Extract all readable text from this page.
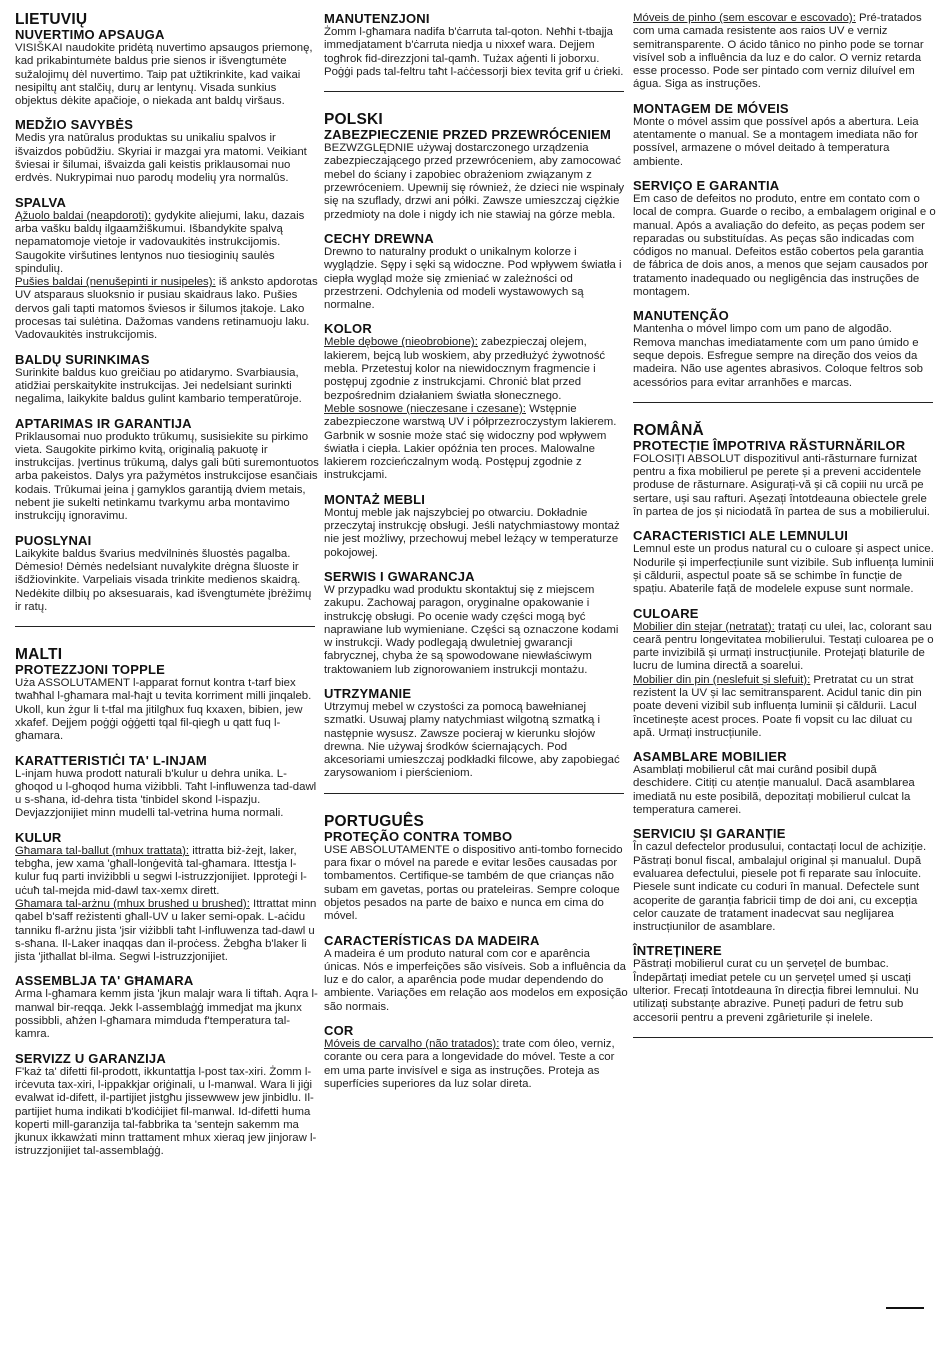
LIETUVIŲ
NUVERTIMO APSAUGA

VISIŠKAI naudokite pridėtą nuvertimo apsaugos priemonę, kad prikabintumėte baldus prie sienos ir išvengtumėte sužalojimų dėl nuvertimo. Taip pat užtikrinkite, kad vaikai nesipiltų ant stalčių, durų ar lentynų. Visada sunkius objektus dėkite apačioje, o niekada ant baldų viršaus.

MEDŽIO SAVYBĖS

Medis yra natūralus produktas su unikaliu spalvos ir išvaizdos pobūdžiu. Skyriai ir mazgai yra matomi. Veikiant šviesai ir šilumai, išvaizda gali keistis priklausomai nuo erdvės. Nukrypimai nuo parodų modelių yra normalūs.

SPALVA

Ąžuolo baldai (neapdoroti): gydykite aliejumi, laku, dazais arba vašku baldų ilgaamžiškumui. Išbandykite spalvą nepamatomoje vietoje ir vadovaukitės instrukcijomis. Saugokite viršutines lentynos nuo tiesioginių saulės spindulių.

Pušies baldai (nenušepinti ir nusipeles): iš anksto apdorotas UV atsparaus sluoksnio ir pusiau skaidraus lako. Pušies dervos gali tapti matomos šviesos ir šilumos įtakoje. Lako procesas tai sulėtina. Dažomas vandens retinamuoju laku. Vadovaukitės instrukcijomis.

BALDŲ SURINKIMAS

Surinkite baldus kuo greičiau po atidarymo. Svarbiausia, atidžiai perskaitykite instrukcijas. Jei nedelsiant surinkti negalima, laikykite baldus gulint kambario temperatūroje.

APTARIMAS IR GARANTIJA

Priklausomai nuo produkto trūkumų, susisiekite su pirkimo vieta. Saugokite pirkimo kvitą, originalią pakuotę ir instrukcijas. Įvertinus trūkumą, dalys gali būti suremontuotos arba pakeistos. Dalys yra pažymėtos instrukcijose esančiais kodais. Trūkumai įeina į gamyklos garantiją dviem metais, nebent jie sukelti netinkamu tvarkymu arba montavimo instrukcijų ignoravimu.

PUOSLYNAI

Laikykite baldus švarius medvilninės šluostės pagalba. Dėmesio! Dėmės nedelsiant nuvalykite drėgna šluoste ir išdžiovinkite. Varpeliais visada trinkite medienos skaidrą. Nedėkite dilbių po aksesuarais, kad išvengtumėte įbrėžimų ir ratų.

MALTI
PROTEZZJONI TOPPLE

Uża ASSOLUTAMENT l-apparat fornut kontra t-tarf biex twaħħal l-għamara mal-ħajt u tevita korriment milli jinqaleb. Ukoll, kun żgur li t-tfal ma jitilgħux fuq kxaxen, bibien, jew xkafef. Dejjem poġġi oġġetti tqal fil-qiegħ u qatt fuq l-għamara.

KARATTERISTIĊI TA' L-INJAM

L-injam huwa prodott naturali b'kulur u dehra unika. L-għoqod u l-għoqod huma viżibbli. Taħt l-influwenza tad-dawl u s-sħana, id-dehra tista 'tinbidel skond l-ispazju. Devjazzjonijiet minn mudelli tal-vetrina huma normali.

KULUR

Għamara tal-ballut (mhux trattata): ittratta biż-żejt, laker, tebgħa, jew xama 'għall-lonġevità tal-għamara. Ittestja l-kulur fuq parti inviżibbli u segwi l-istruzzjonijiet. Ipproteġi l-uċuħ tal-mejda mid-dawl tax-xemx dirett.

Għamara tal-arżnu (mhux brushed u brushed): Ittrattat minn qabel b'saff reżistenti għall-UV u laker semi-opak. L-aċidu tanniku fl-arżnu jista 'jsir viżibbli taħt l-influwenza tad-dawl u s-sħana. Il-Laker inaqqas dan il-proċess. Żebgħa b'laker li jista 'jitħallat bl-ilma. Segwi l-istruzzjonijiet.

ASSEMBLJA TA' GĦAMARA

Arma l-għamara kemm jista 'jkun malajr wara li tiftaħ. Aqra l-manwal bir-reqqa. Jekk l-assemblaġġ immedjat ma jkunx possibbli, aħżen l-għamara mimduda f'temperatura tal-kamra.

SERVIZZ U GARANZIJA

F'każ ta' difetti fil-prodott, ikkuntattja l-post tax-xiri. Żomm l-irċevuta tax-xiri, l-ippakkjar oriġinali, u l-manwal. Wara li jiġi evalwat id-difett, il-partijiet jistgħu jissewwew jew jinbidlu. Il-partijiet huma indikati b'kodiċijiet fil-manwal. Id-difetti huma koperti mill-garanzija tal-fabbrika ta 'sentejn sakemm ma jkunux ikkawżati minn trattament mhux xieraq jew jinjoraw l-istruzzjonijiet tal-assemblaġġ.

MANUTENZJONI

Żomm l-għamara nadifa b'ċarruta tal-qoton. Neħħi t-tbajja immedjatament b'ċarruta niedja u nixxef wara. Dejjem togħrok fid-direzzjoni tal-qamħ. Tużax aġenti li joborxu. Poġġi pads tal-feltru taħt l-aċċessorji biex tevita grif u ċrieki.

POLSKI
ZABEZPIECZENIE PRZED PRZEWRÓCENIEM

BEZWZGLĘDNIE używaj dostarczonego urządzenia zabezpieczającego przed przewróceniem, aby zamocować mebel do ściany i zapobiec obrażeniom związanym z przewróceniem. Upewnij się również, że dzieci nie wspinały się na szuflady, drzwi ani półki. Zawsze umieszczaj ciężkie przedmioty na dole i nigdy ich nie stawiaj na górze mebla.

CECHY DREWNA

Drewno to naturalny produkt o unikalnym kolorze i wyglądzie. Sępy i sęki są widoczne. Pod wpływem światła i ciepła wygląd może się zmieniać w zależności od przestrzeni. Odchylenia od modeli wystawowych są normalne.

KOLOR

Meble dębowe (nieobrobione): zabezpieczaj olejem, lakierem, bejcą lub woskiem, aby przedłużyć żywotność mebla. Przetestuj kolor na niewidocznym fragmencie i postępuj zgodnie z instrukcjami. Chroniċ blat przed bezpośrednim działaniem światła słonecznego.

Meble sosnowe (nieczesane i czesane): Wstępnie zabezpieczone warstwą UV i półprzezroczystym lakierem. Garbnik w sosnie może stać się widoczny pod wpływem światła i ciepła. Lakier opóźnia ten proces. Malowalne lakierem rozcieńczalnym wodą. Postępuj zgodnie z instrukcjami.

MONTAŻ MEBLI

Montuj meble jak najszybciej po otwarciu. Dokładnie przeczytaj instrukcję obsługi. Jeśli natychmiastowy montaż nie jest możliwy, przechowuj mebel leżący w temperaturze pokojowej.

SERWIS I GWARANCJA

W przypadku wad produktu skontaktuj się z miejscem zakupu. Zachowaj paragon, oryginalne opakowanie i instrukcję obsługi. Po ocenie wady części mogą być naprawiane lub wymieniane. Części są oznaczone kodami w instrukcji. Wady podlegają dwuletniej gwarancji fabrycznej, chyba że są spowodowane niewłaściwym traktowaniem lub zignorowaniem instrukcji montażu.

UTRZYMANIE

Utrzymuj mebel w czystości za pomocą bawełnianej szmatki. Usuwaj plamy natychmiast wilgotną szmatką i następnie wysusz. Zawsze pocieraj w kierunku słojów drewna. Nie używaj środków ściernających. Pod akcesoriami umieszczaj podkładki filcowe, aby zapobiegać zarysowaniom i pierścieniom.

PORTUGUÊS
PROTEÇÃO CONTRA TOMBO

USE ABSOLUTAMENTE o dispositivo anti-tombo fornecido para fixar o móvel na parede e evitar lesões causadas por tombamentos. Certifique-se também de que crianças não subam em gavetas, portas ou prateleiras. Sempre coloque objetos pesados na parte de baixo e nunca em cima do móvel.

CARACTERÍSTICAS DA MADEIRA

A madeira é um produto natural com cor e aparência únicas. Nós e imperfeições são visíveis. Sob a influência da luz e do calor, a aparência pode mudar dependendo do ambiente. Variações em relação aos modelos em exposição são normais.

COR

Móveis de carvalho (não tratados): trate com óleo, verniz, corante ou cera para a longevidade do móvel. Teste a cor em uma parte invisível e siga as instruções. Proteja as superfícies superiores da luz solar direta.

Móveis de pinho (sem escovar e escovado): Pré-tratados com uma camada resistente aos raios UV e verniz semitransparente. O ácido tânico no pinho pode se tornar visível sob a influência da luz e do calor. O verniz retarda esse processo. Pode ser pintado com verniz diluível em água. Siga as instruções.

MONTAGEM DE MÓVEIS

Monte o móvel assim que possível após a abertura. Leia atentamente o manual. Se a montagem imediata não for possível, armazene o móvel deitado à temperatura ambiente.

SERVIÇO E GARANTIA

Em caso de defeitos no produto, entre em contato com o local de compra. Guarde o recibo, a embalagem original e o manual. Após a avaliação do defeito, as peças podem ser reparadas ou substituídas. As peças são indicadas com códigos no manual. Defeitos estão cobertos pela garantia de fábrica de dois anos, a menos que sejam causados por tratamento inadequado ou negligência das instruções de montagem.

MANUTENÇÃO

Mantenha o móvel limpo com um pano de algodão. Remova manchas imediatamente com um pano úmido e seque depois. Esfregue sempre na direção dos veios da madeira. Não use agentes abrasivos. Coloque feltros sob acessórios para evitar arranhões e marcas.

ROMÂNĂ
PROTECȚIE ÎMPOTRIVA RĂSTURNĂRILOR

FOLOSIȚI ABSOLUT dispozitivul anti-răsturnare furnizat pentru a fixa mobilierul pe perete și a preveni accidentele produse de răsturnare. Asigurați-vă și că copiii nu urcă pe sertare, uși sau rafturi. Așezați întotdeauna obiectele grele în partea de jos și niciodată în partea de sus a mobilierului.

CARACTERISTICI ALE LEMNULUI

Lemnul este un produs natural cu o culoare și aspect unice. Nodurile și imperfecțiunile sunt vizibile. Sub influența luminii și căldurii, aspectul poate să se schimbe în funcție de spațiu. Abaterile față de modelele expuse sunt normale.

CULOARE

Mobilier din stejar (netratat): tratați cu ulei, lac, colorant sau ceară pentru longevitatea mobilierului. Testați culoarea pe o parte invizibilă și urmați instrucțiunile. Protejați blaturile de lucru de lumina directă a soarelui.

Mobilier din pin (neslefuit și slefuit): Pretratat cu un strat rezistent la UV și lac semitransparent. Acidul tanic din pin poate deveni vizibil sub influența luminii și căldurii. Lacul încetinește acest proces. Poate fi vopsit cu lac diluat cu apă. Urmați instrucțiunile.

ASAMBLARE MOBILIER

Asamblați mobilierul cât mai curând posibil după deschidere. Citiți cu atenție manualul. Dacă asamblarea imediată nu este posibilă, depozitați mobilierul culcat la temperatura camerei.

SERVICIU ȘI GARANȚIE

În cazul defectelor produsului, contactați locul de achiziție. Păstrați bonul fiscal, ambalajul original și manualul. După evaluarea defectului, piesele pot fi reparate sau înlocuite. Piesele sunt indicate cu coduri în manual. Defectele sunt acoperite de garanția fabricii timp de doi ani, cu excepția celor cauzate de tratament inadecvat sau neglijarea instrucțiunilor de asamblare.

ÎNTREȚINERE

Păstrați mobilierul curat cu un șervețel de bumbac. Îndepărtați imediat petele cu un șervețel umed și uscați ulterior. Frecați întotdeauna în direcția fibrei lemnului. Nu utilizați substanțe abrazive. Puneți paduri de fetru sub accesorii pentru a preveni zgârieturile și inelele.
